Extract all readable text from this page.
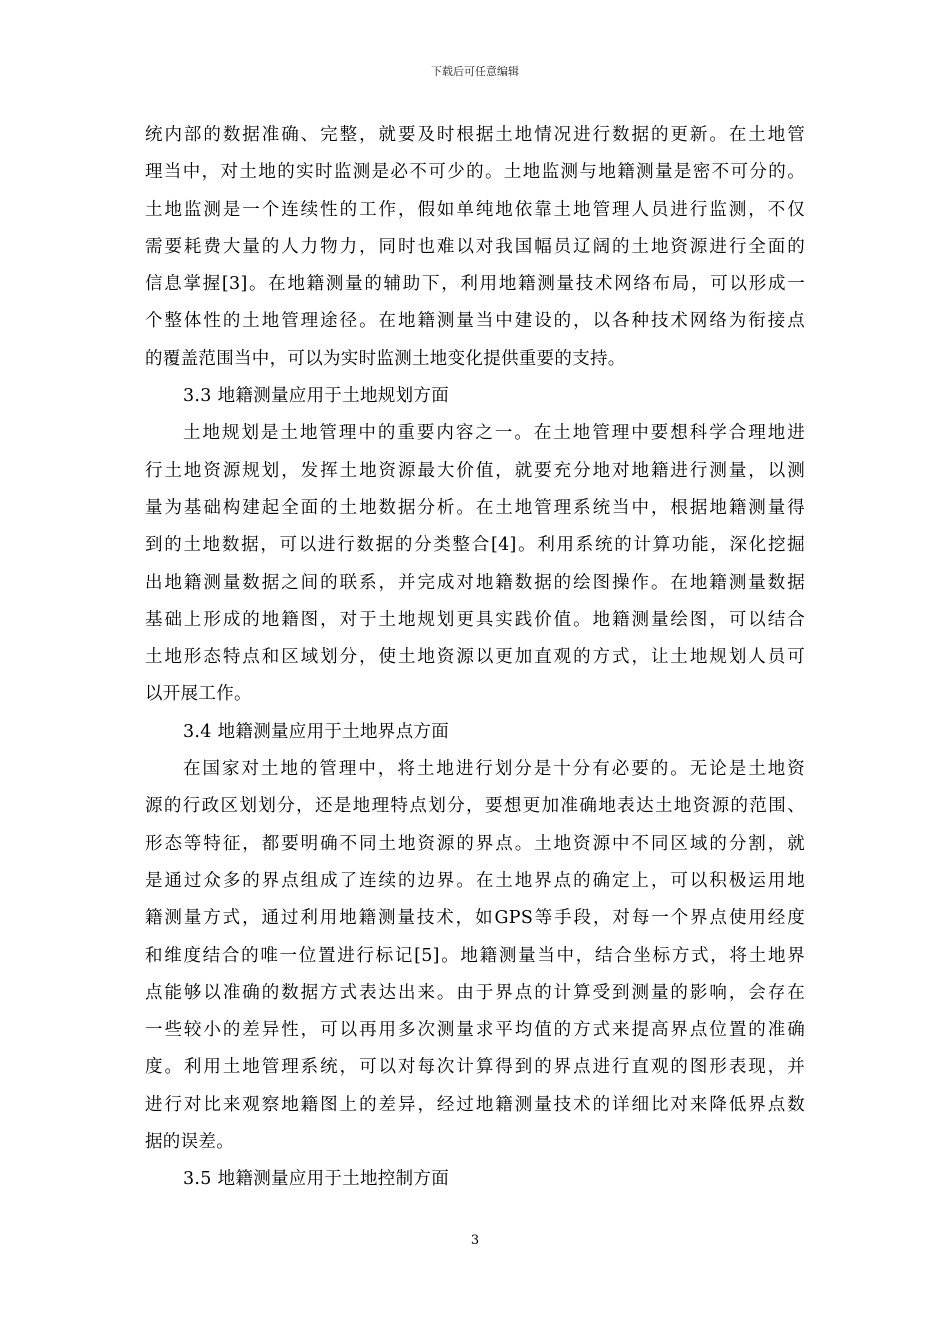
下载后可任意编辑
统内部的数据准确、完整，就要及时根据土地情况进行数据的更新。在土地管
理当中，对土地的实时监测是必不可少的。土地监测与地籍测量是密不可分的。
土地监测是一个连续性的工作，假如单纯地依靠土地管理人员进行监测，不仅
需要耗费大量的人力物力，同时也难以对我国幅员辽阔的土地资源进行全面的
信息掌握[3]。在地籍测量的辅助下，利用地籍测量技术网络布局，可以形成一
个整体性的土地管理途径。在地籍测量当中建设的，以各种技术网络为衔接点
的覆盖范围当中，可以为实时监测土地变化提供重要的支持。
3.3 地籍测量应用于土地规划方面
土地规划是土地管理中的重要内容之一。在土地管理中要想科学合理地进
行土地资源规划，发挥土地资源最大价值，就要充分地对地籍进行测量，以测
量为基础构建起全面的土地数据分析。在土地管理系统当中，根据地籍测量得
到的土地数据，可以进行数据的分类整合[4]。利用系统的计算功能，深化挖掘
出地籍测量数据之间的联系，并完成对地籍数据的绘图操作。在地籍测量数据
基础上形成的地籍图，对于土地规划更具实践价值。地籍测量绘图，可以结合
土地形态特点和区域划分，使土地资源以更加直观的方式，让土地规划人员可
以开展工作。
3.4 地籍测量应用于土地界点方面
在国家对土地的管理中，将土地进行划分是十分有必要的。无论是土地资
源的行政区划划分，还是地理特点划分，要想更加准确地表达土地资源的范围、
形态等特征，都要明确不同土地资源的界点。土地资源中不同区域的分割，就
是通过众多的界点组成了连续的边界。在土地界点的确定上，可以积极运用地
籍测量方式，通过利用地籍测量技术，如GPS等手段，对每一个界点使用经度
和维度结合的唯一位置进行标记[5]。地籍测量当中，结合坐标方式，将土地界
点能够以准确的数据方式表达出来。由于界点的计算受到测量的影响，会存在
一些较小的差异性，可以再用多次测量求平均值的方式来提高界点位置的准确
度。利用土地管理系统，可以对每次计算得到的界点进行直观的图形表现，并
进行对比来观察地籍图上的差异，经过地籍测量技术的详细比对来降低界点数
据的误差。
3.5 地籍测量应用于土地控制方面
3
